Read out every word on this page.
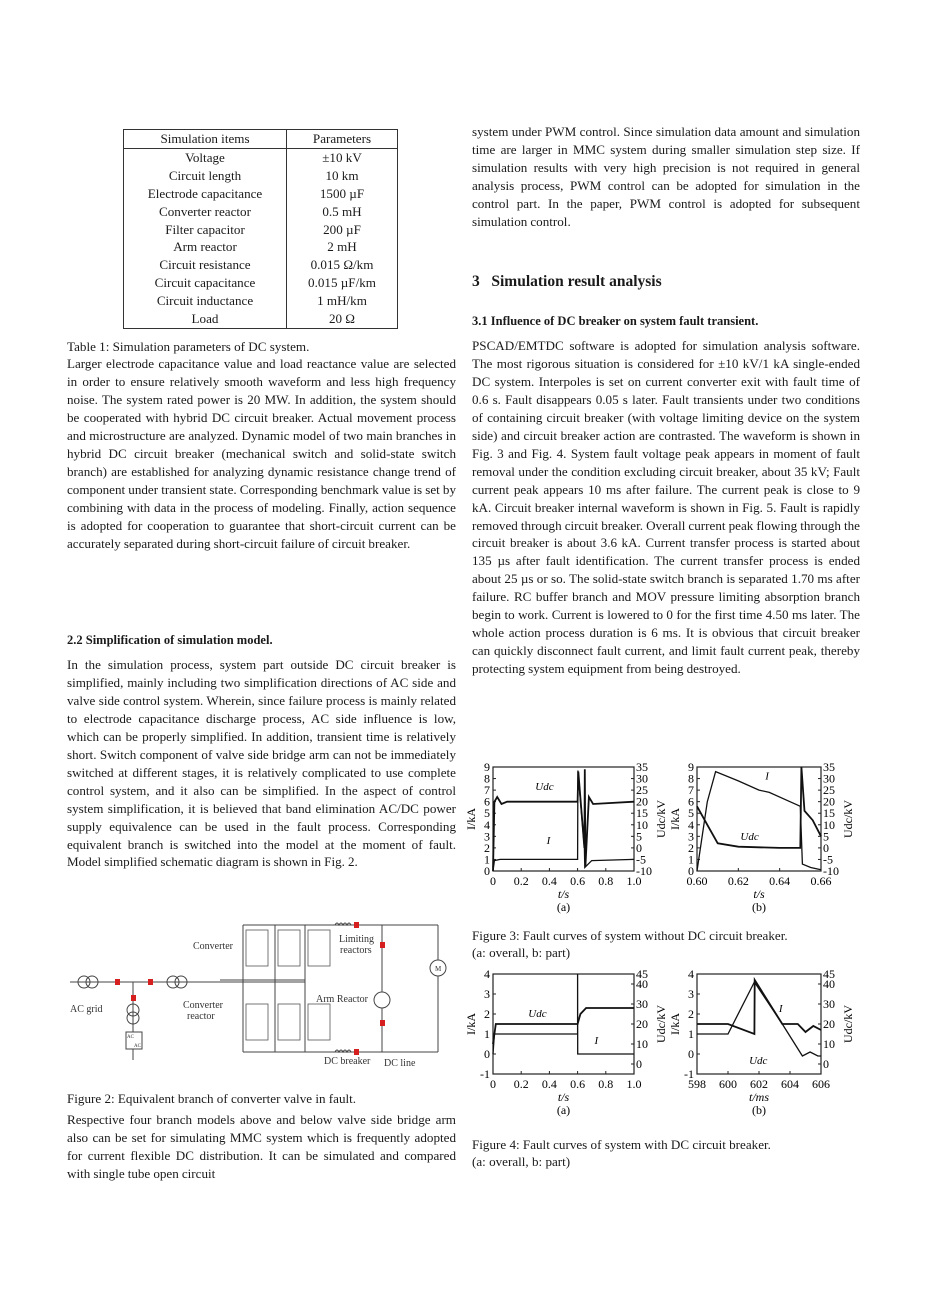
Simulation items	Parameters
Voltage	±10 kV
Circuit length	10 km
Electrode capacitance	1500 µF
Converter reactor	0.5 mH
Filter capacitor	200 µF
Arm reactor	2 mH
Circuit resistance	0.015 Ω/km
Circuit capacitance	0.015 µF/km
Circuit inductance	1 mH/km
Load	20 Ω
Table 1: Simulation parameters of DC system.

Larger electrode capacitance value and load reactance value are selected in order to ensure relatively smooth waveform and less high frequency noise. The system rated power is 20 MW. In addition, the system should be cooperated with hybrid DC circuit breaker. Actual movement process and microstructure are analyzed. Dynamic model of two main branches in hybrid DC circuit breaker (mechanical switch and solid-state switch branch) are established for analyzing dynamic resistance change trend of component under transient state. Corresponding benchmark value is set by combining with data in the process of modeling. Finally, action sequence is adopted for cooperation to guarantee that short-circuit current can be accurately separated during short-circuit failure of circuit breaker.

2.2 Simplification of simulation model.

In the simulation process, system part outside DC circuit breaker is simplified, mainly including two simplification directions of AC side and valve side control system. Wherein, since failure process is mainly related to electrode capacitance discharge process, AC side influence is low, which can be properly simplified. In addition, transient time is relatively short. Switch component of valve side bridge arm can not be immediately switched at different stages, it is relatively complicated to use complete control system, and it also can be simplified. In the aspect of control system simplification, it is believed that band elimination AC/DC power supply equivalence can be used in the fault process. Corresponding equivalent branch is switched into the model at the moment of fault. Model simplified schematic diagram is shown in Fig. 2.

Converter
Limiting
reactors
AC grid	Converter
reactor
Arm Reactor
DC breaker DC line
M
AC
AC
Figure 2: Equivalent branch of converter valve in fault.

Respective four branch models above and below valve side bridge arm also can be set for simulating MMC system which is frequently adopted for current flexible DC distribution. It can be simulated and compared with single tube open circuit

system under PWM control. Since simulation data amount and simulation time are larger in MMC system during smaller simulation step size. If simulation results with very high precision is not required in general analysis process, PWM control can be adopted for simulation in the control part. In the paper, PWM control is adopted for subsequent simulation control.

3   Simulation result analysis
3.1 Influence of DC breaker on system fault transient.

PSCAD/EMTDC software is adopted for simulation analysis software. The most rigorous situation is considered for ±10 kV/1 kA single-ended DC system. Interpoles is set on current converter exit with fault time of 0.6 s. Fault disappears 0.05 s later. Fault transients under two conditions of containing circuit breaker (with voltage limiting device on the system side) and circuit breaker action are contrasted. The waveform is shown in Fig. 3 and Fig. 4. System fault voltage peak appears in moment of fault removal under the condition excluding circuit breaker, about 35 kV; Fault current peak appears 10 ms after failure. The current peak is close to 9 kA. Circuit breaker internal waveform is shown in Fig. 5. Fault is rapidly removed through circuit breaker. Overall current peak flowing through the circuit breaker is about 3.6 kA. Current transfer process is started about 135 µs after fault identification. The current transfer process is ended about 25 µs or so. The solid-state switch branch is separated 1.70 ms after failure. RC buffer branch and MOV pressure limiting absorption branch begin to work. Current is lowered to 0 for the first time 4.50 ms later. The whole action process duration is 6 ms. It is obvious that circuit breaker can quickly disconnect fault current, and limit fault current peak, thereby protecting system equipment from being destroyed.

0 0.2 0.4 0.6 0.8 1.0
0
1
2
3
4
5
6
7
8
9
-10
-5
0
5
10
15
20
25
30
35
t/s
(a)
I/kA	Udc/kV
I
Udc
0.60 0.62 0.64 0.66
0
1
2
3
4
5
6
7
8
9
-10
-5
0
5
10
15
20
25
30
35
t/s
(b)
I/kA	Udc/kV
I
Udc
0 0.2 0.4 0.6 0.8 1.0
-1
0
1
2
3
4
0
10
20
30
40
45
t/s
(a)
I/kA	Udc/kV
I
Udc
598 600 602 604 606
-1
0
1
2
3
4
0
10
20
30
40
45
t/ms
(b)
I/kA	Udc/kV
I
Udc
Figure 3: Fault curves of system without DC circuit breaker.
(a: overall, b: part)
Figure 4: Fault curves of system with DC circuit breaker.
(a: overall, b: part)
